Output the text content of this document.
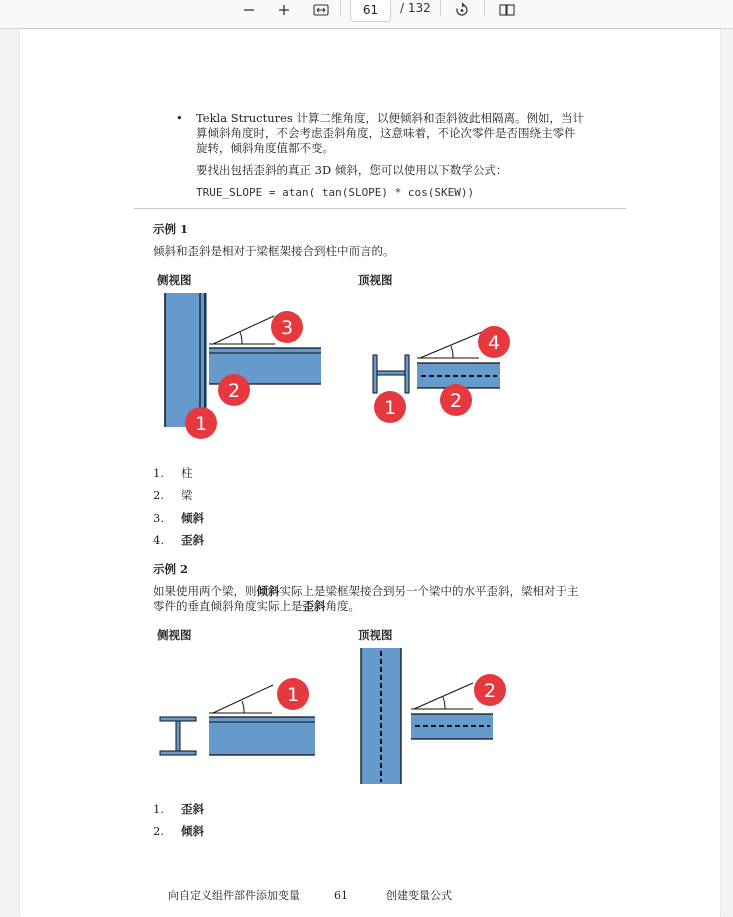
61	/ 132
• Tekla Structures 计算二维角度，以便倾斜和歪斜彼此相隔离。例如，当计
算倾斜角度时，不会考虑歪斜角度，这意味着，不论次零件是否围绕主零件
旋转，倾斜角度值都不变。
要找出包括歪斜的真正 3D 倾斜，您可以使用以下数学公式：
TRUE_SLOPE = atan( tan(SLOPE) * cos(SKEW))
示例 1
倾斜和歪斜是相对于梁框架接合到柱中而言的。
侧视图	顶视图
1
2
3
1	2
4
1. 柱
2. 梁
3. 倾斜
4. 歪斜
示例 2
如果使用两个梁，则倾斜实际上是梁框架接合到另一个梁中的水平歪斜，梁相对于主
零件的垂直倾斜角度实际上是歪斜角度。
侧视图	顶视图
1	2
1. 歪斜
2. 倾斜
向自定义组件部件添加变量	61	创建变量公式
